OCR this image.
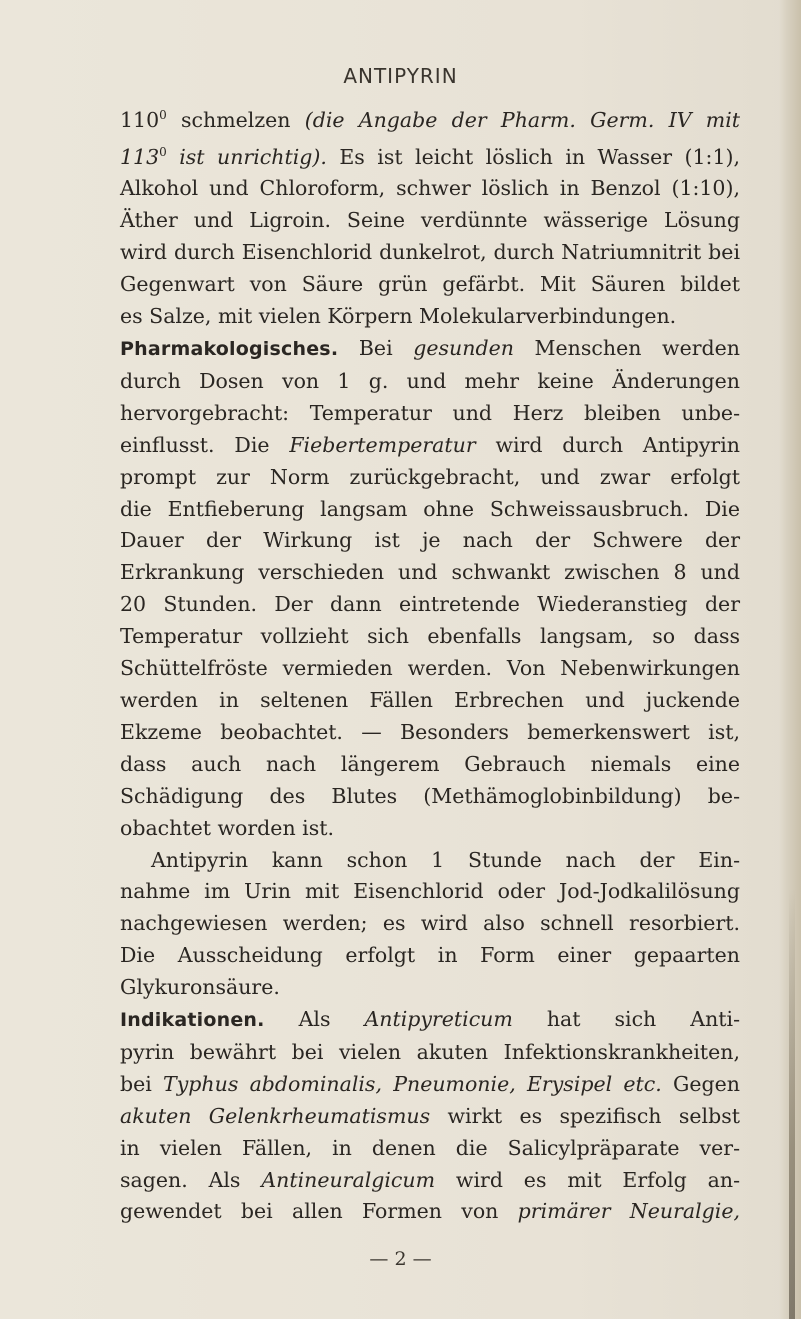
ANTIPYRIN
$110^0$ schmelzen (die Angabe der Pharm. Germ. IV mit
$113^0$ ist unrichtig). Es ist leicht löslich in Wasser (1:1),
Alkohol und Chloroform, schwer löslich in Benzol (1:10),
Äther und Ligroin. Seine verdünnte wässerige Lösung
wird durch Eisenchlorid dunkelrot, durch Natriumnitrit bei
Gegenwart von Säure grün gefärbt. Mit Säuren bildet
es Salze, mit vielen Körpern Molekularverbindungen.
Pharmakologisches. Bei gesunden Menschen werden
durch Dosen von 1 g. und mehr keine Änderungen
hervorgebracht: Temperatur und Herz bleiben unbe-
einflusst. Die Fiebertemperatur wird durch Antipyrin
prompt zur Norm zurückgebracht, und zwar erfolgt
die Entfieberung langsam ohne Schweissausbruch. Die
Dauer der Wirkung ist je nach der Schwere der
Erkrankung verschieden und schwankt zwischen 8 und
20 Stunden. Der dann eintretende Wiederanstieg der
Temperatur vollzieht sich ebenfalls langsam, so dass
Schüttelfröste vermieden werden. Von Nebenwirkungen
werden in seltenen Fällen Erbrechen und juckende
Ekzeme beobachtet. — Besonders bemerkenswert ist,
dass auch nach längerem Gebrauch niemals eine
Schädigung des Blutes (Methämoglobinbildung) be-
obachtet worden ist.
Antipyrin kann schon 1 Stunde nach der Ein-
nahme im Urin mit Eisenchlorid oder Jod-Jodkalilösung
nachgewiesen werden; es wird also schnell resorbiert.
Die Ausscheidung erfolgt in Form einer gepaarten
Glykuronsäure.
Indikationen. Als Antipyreticum hat sich Anti-
pyrin bewährt bei vielen akuten Infektionskrankheiten,
bei Typhus abdominalis, Pneumonie, Erysipel etc. Gegen
akuten Gelenkrheumatismus wirkt es spezifisch selbst
in vielen Fällen, in denen die Salicylpräparate ver-
sagen. Als Antineuralgicum wird es mit Erfolg an-
gewendet bei allen Formen von primärer Neuralgie,
— 2 —
